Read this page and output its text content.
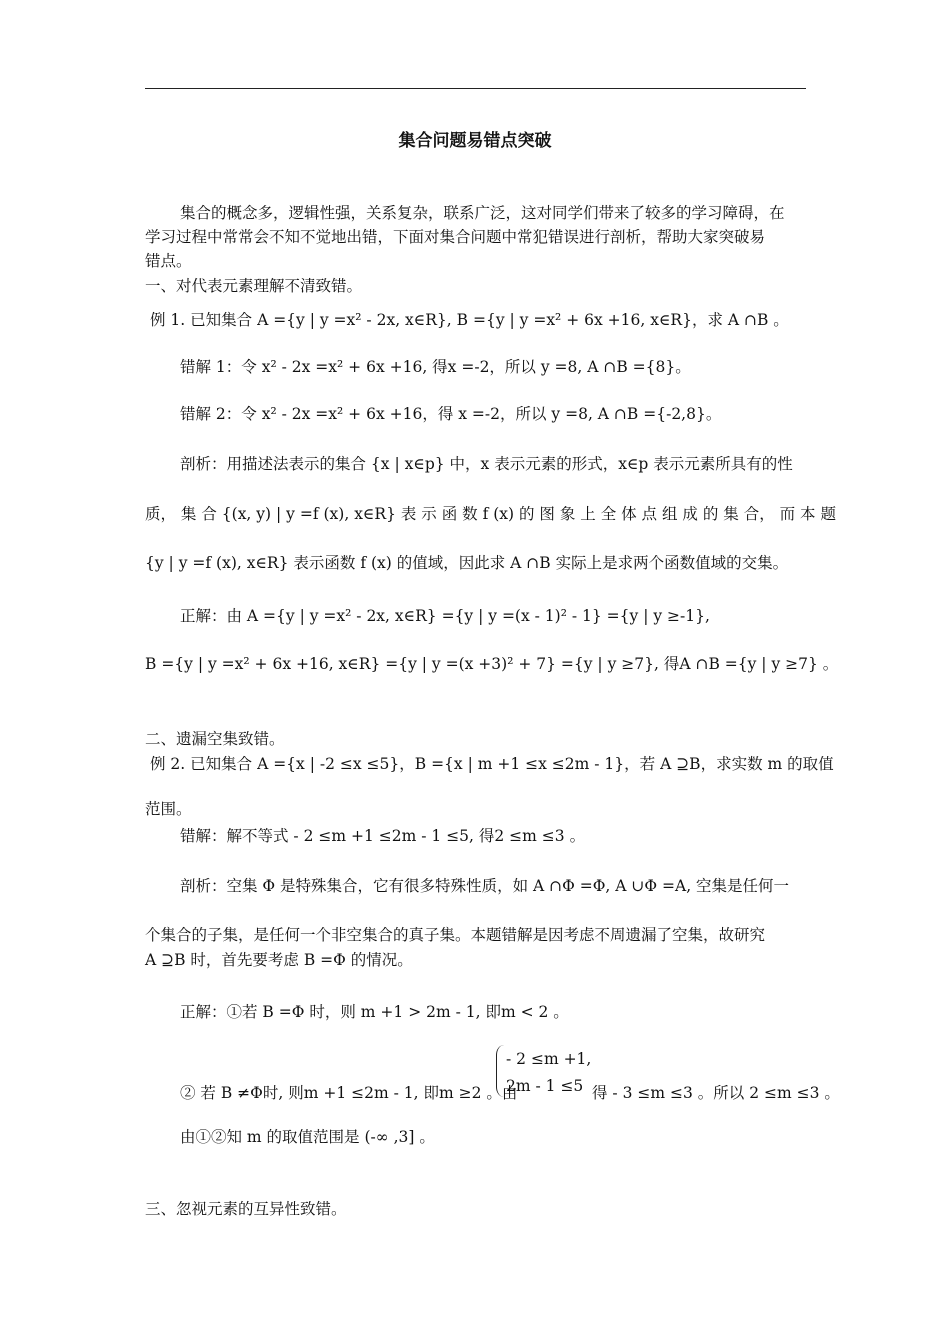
集合问题易错点突破
集合的概念多，逻辑性强，关系复杂，联系广泛，这对同学们带来了较多的学习障碍，在
学习过程中常常会不知不觉地出错，下面对集合问题中常犯错误进行剖析，帮助大家突破易
错点。
一、对代表元素理解不清致错。
例 1. 已知集合 A ={y | y =x² - 2x, x∈R}, B ={y | y =x² + 6x +16, x∈R}，求 A ∩B 。
错解 1：令 x² - 2x =x² + 6x +16, 得x =-2，所以 y =8, A ∩B ={8}。
错解 2：令 x² - 2x =x² + 6x +16，得 x =-2，所以 y =8, A ∩B ={-2,8}。
剖析：用描述法表示的集合 {x | x∈p} 中，x 表示元素的形式，x∈p 表示元素所具有的性
质， 集 合 {(x, y) | y =f (x), x∈R} 表 示 函 数 f (x) 的 图 象 上 全 体 点 组 成 的 集 合， 而 本 题
{y | y =f (x), x∈R} 表示函数 f (x) 的值域，因此求 A ∩B 实际上是求两个函数值域的交集。
正解：由 A ={y | y =x² - 2x, x∈R} ={y | y =(x - 1)² - 1} ={y | y ≥-1},
B ={y | y =x² + 6x +16, x∈R} ={y | y =(x +3)² + 7} ={y | y ≥7}, 得A ∩B ={y | y ≥7} 。
二、遗漏空集致错。
例 2. 已知集合 A ={x | -2 ≤x ≤5}，B ={x | m +1 ≤x ≤2m - 1}，若 A ⊇B，求实数 m 的取值
范围。
错解：解不等式 - 2 ≤m +1 ≤2m - 1 ≤5, 得2 ≤m ≤3 。
剖析：空集 Φ 是特殊集合，它有很多特殊性质，如 A ∩Φ =Φ, A ∪Φ =A, 空集是任何一
个集合的子集，是任何一个非空集合的真子集。本题错解是因考虑不周遗漏了空集，故研究
A ⊇B 时，首先要考虑 B =Φ 的情况。
正解：①若 B =Φ 时，则 m +1 > 2m - 1, 即m < 2 。
② 若 B ≠Φ时, 则m +1 ≤2m - 1, 即m ≥2 。由
- 2 ≤m +1,
2m - 1 ≤5 得 - 3 ≤m ≤3 。所以 2 ≤m ≤3 。
由①②知 m 的取值范围是 (-∞ ,3] 。
三、忽视元素的互异性致错。
